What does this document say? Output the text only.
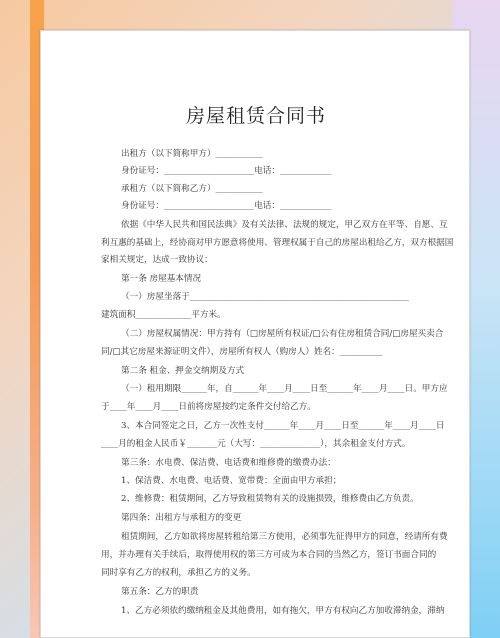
房屋租赁合同书
出租方（以下简称甲方）___________
身份证号：_____________________电话：____________
承租方（以下简称乙方）___________
身份证号：_____________________电话：____________
依据《中华人民共和国民法典》及有关法律、法规的规定，甲乙双方在平等、自愿、互
利互惠的基础上，经协商对甲方愿意将使用、管理权属于自己的房屋出租给乙方，双方根据国
家相关规定，达成一致协议：
第一条 房屋基本情况
（一）房屋坐落于___________________________________________________
建筑面积_____________平方米。
（二）房屋权属情况：甲方持有（□房屋所有权证/□公有住房租赁合同/□房屋买卖合
同/□其它房屋来源证明文件），房屋所有权人（购房人）姓名：__________
第二条 租金、押金交纳期及方式
（一）租用期限______年，自______年____月____日至______年____月____日。甲方应
于____年____月____日前将房屋按约定条件交付给乙方。
3、本合同签定之日，乙方一次性支付______年____月____日至______年____月____日
____月的租金人民币￥_______元（大写：______________），其余租金支付方式。
第三条：水电费、保洁费、电话费和维修费的缴费办法：
1、保洁费、水电费、电话费、宽带费：全面由甲方承担；
2、维修费：租赁期间，乙方导致租赁物有关的设施损毁，维修费由乙方负责。
第四条：出租方与承租方的变更
租赁期间，乙方如欲将房屋转租给第三方使用，必须事先征得甲方的同意，经请所有费
用，并办理有关手续后，取得使用权的第三方可成为本合同的当然乙方，签订书面合同的
同时享有乙方的权利，承担乙方的义务。
第五条：乙方的职责
1、乙方必须依约缴纳租金及其他费用，如有拖欠，甲方有权向乙方加收滞纳金，滞纳
